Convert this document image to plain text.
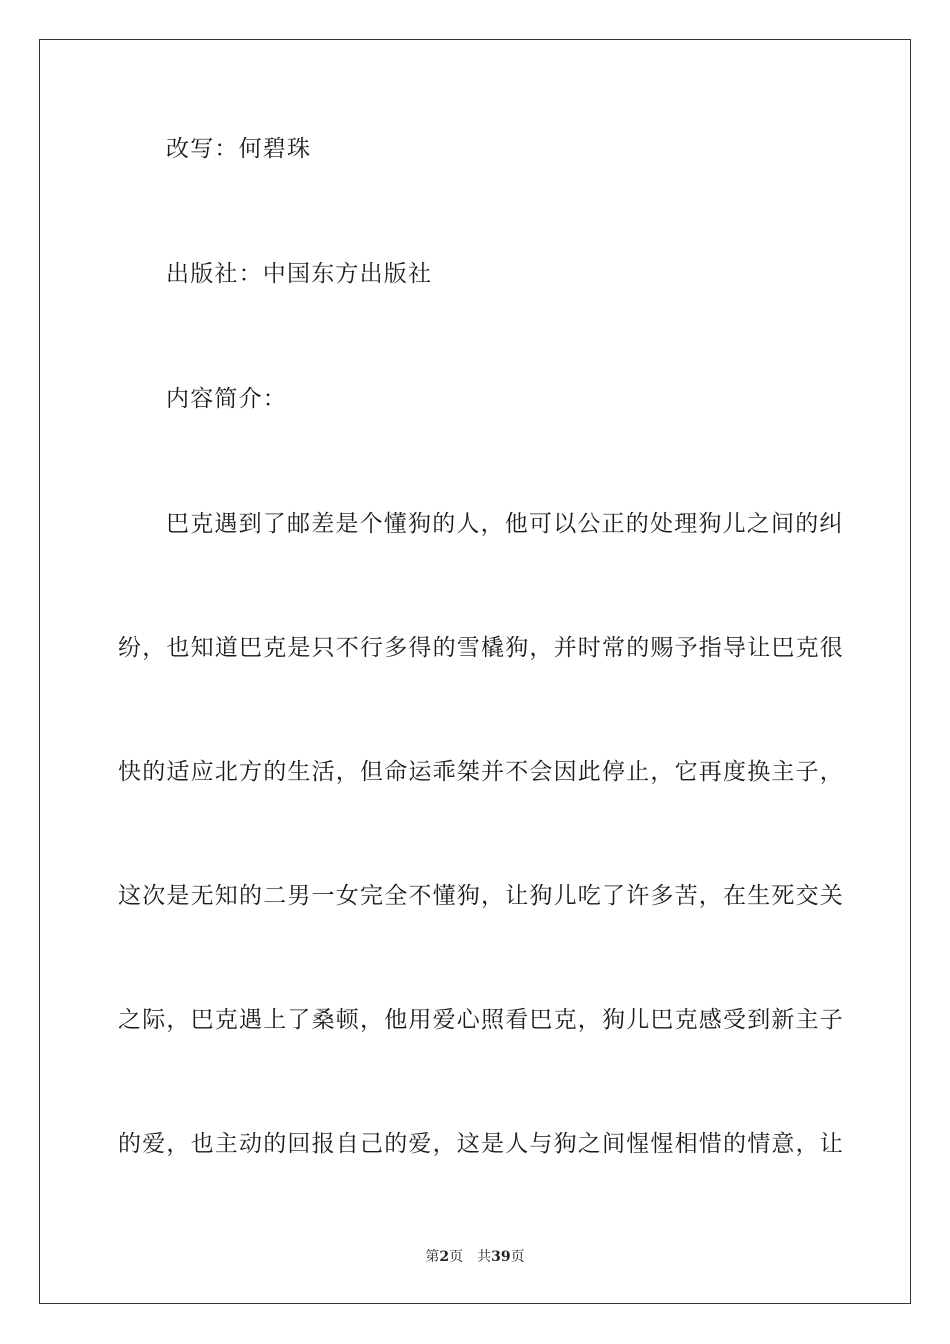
改写：何碧珠
出版社：中国东方出版社
内容简介：
巴克遇到了邮差是个懂狗的人，他可以公正的处理狗儿之间的纠
纷，也知道巴克是只不行多得的雪橇狗，并时常的赐予指导让巴克很
快的适应北方的生活，但命运乖桀并不会因此停止，它再度换主子，
这次是无知的二男一女完全不懂狗，让狗儿吃了许多苦，在生死交关
之际，巴克遇上了桑顿，他用爱心照看巴克，狗儿巴克感受到新主子
的爱，也主动的回报自己的爱，这是人与狗之间惺惺相惜的情意，让
第2页 共39页
